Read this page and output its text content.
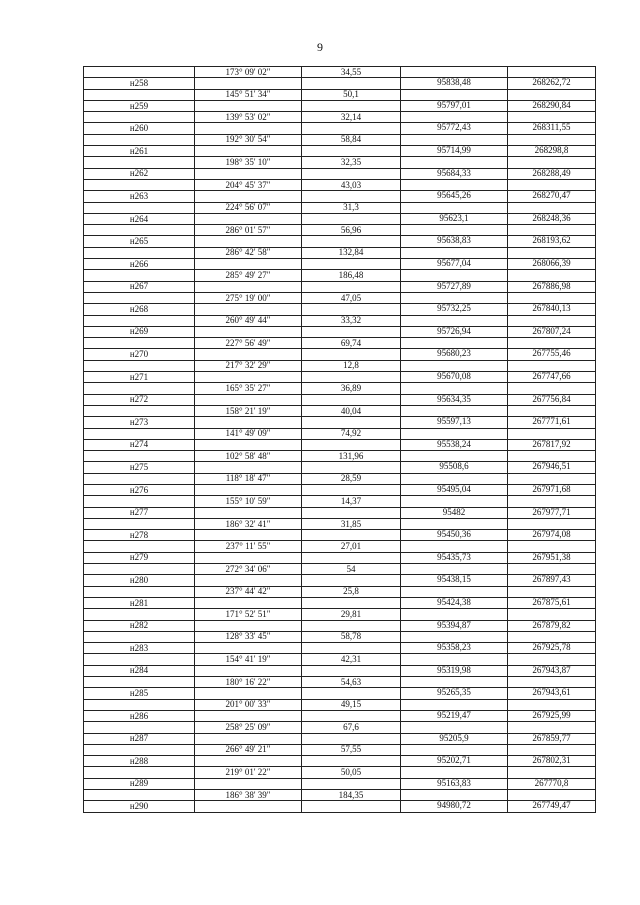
9
	173° 09' 02"	34,55		
н258			95838,48	268262,72
	145° 51' 34"	50,1		
н259			95797,01	268290,84
	139° 53' 02"	32,14		
н260			95772,43	268311,55
	192° 30' 54"	58,84		
н261			95714,99	268298,8
	198° 35' 10"	32,35		
н262			95684,33	268288,49
	204° 45' 37"	43,03		
н263			95645,26	268270,47
	224° 56' 07"	31,3		
н264			95623,1	268248,36
	286° 01' 57"	56,96		
н265			95638,83	268193,62
	286° 42' 58"	132,84		
н266			95677,04	268066,39
	285° 49' 27"	186,48		
н267			95727,89	267886,98
	275° 19' 00"	47,05		
н268			95732,25	267840,13
	260° 49' 44"	33,32		
н269			95726,94	267807,24
	227° 56' 49"	69,74		
н270			95680,23	267755,46
	217° 32' 29"	12,8		
н271			95670,08	267747,66
	165° 35' 27"	36,89		
н272			95634,35	267756,84
	158° 21' 19"	40,04		
н273			95597,13	267771,61
	141° 49' 09"	74,92		
н274			95538,24	267817,92
	102° 58' 48"	131,96		
н275			95508,6	267946,51
	118° 18' 47"	28,59		
н276			95495,04	267971,68
	155° 10' 59"	14,37		
н277			95482	267977,71
	186° 32' 41"	31,85		
н278			95450,36	267974,08
	237° 11' 55"	27,01		
н279			95435,73	267951,38
	272° 34' 06"	54		
н280			95438,15	267897,43
	237° 44' 42"	25,8		
н281			95424,38	267875,61
	171° 52' 51"	29,81		
н282			95394,87	267879,82
	128° 33' 45"	58,78		
н283			95358,23	267925,78
	154° 41' 19"	42,31		
н284			95319,98	267943,87
	180° 16' 22"	54,63		
н285			95265,35	267943,61
	201° 00' 33"	49,15		
н286			95219,47	267925,99
	258° 25' 09"	67,6		
н287			95205,9	267859,77
	266° 49' 21"	57,55		
н288			95202,71	267802,31
	219° 01' 22"	50,05		
н289			95163,83	267770,8
	186° 38' 39"	184,35		
н290			94980,72	267749,47
